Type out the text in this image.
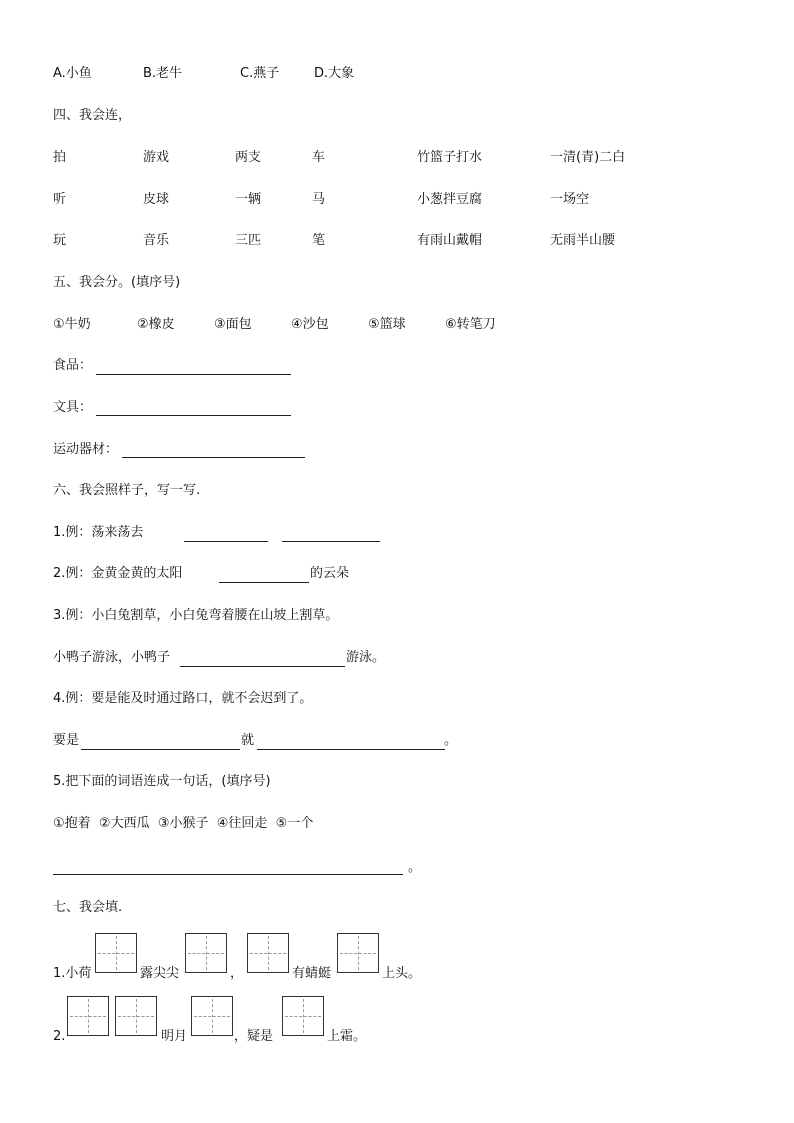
A.小鱼	B.老牛	C.燕子	D.大象
四、我会连，
拍	游戏	两支	车	竹篮子打水	一清(青)二白
听	皮球	一辆	马	小葱拌豆腐	一场空
玩	音乐	三匹	笔	有雨山戴帽	无雨半山腰
五、我会分。(填序号)
①牛奶	②橡皮	③面包	④沙包	⑤篮球	⑥转笔刀
食品：
文具：
运动器材：
六、我会照样子，写一写.
1.例：荡来荡去
2.例：金黄金黄的太阳	的云朵
3.例：小白兔割草，小白兔弯着腰在山坡上割草。
小鸭子游泳，小鸭子	游泳。
4.例：要是能及时通过路口，就不会迟到了。
要是	就	。
5.把下面的词语连成一句话，(填序号)
①抱着  ②大西瓜  ③小猴子  ④往回走  ⑤一个
。
七、我会填.
1.小荷	露尖尖	，	有蜻蜓	上头。
2.	明月	，疑是	上霜。
